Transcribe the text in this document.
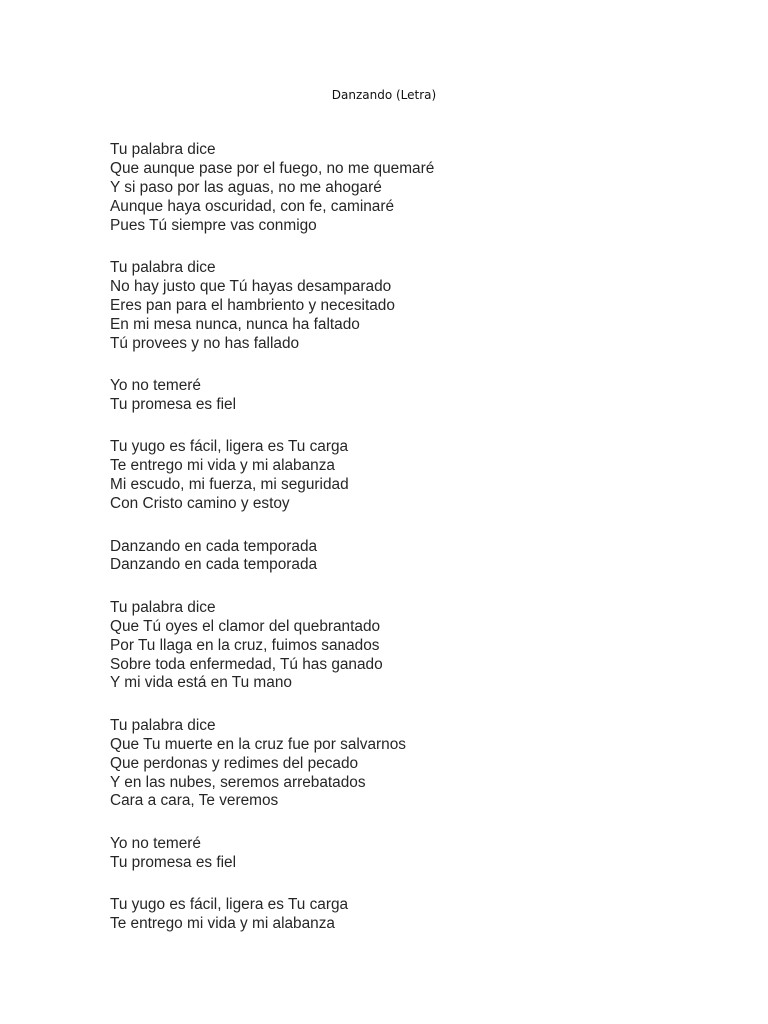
Danzando (Letra)
Tu palabra dice
Que aunque pase por el fuego, no me quemaré
Y si paso por las aguas, no me ahogaré
Aunque haya oscuridad, con fe, caminaré
Pues Tú siempre vas conmigo
Tu palabra dice
No hay justo que Tú hayas desamparado
Eres pan para el hambriento y necesitado
En mi mesa nunca, nunca ha faltado
Tú provees y no has fallado
Yo no temeré
Tu promesa es fiel
Tu yugo es fácil, ligera es Tu carga
Te entrego mi vida y mi alabanza
Mi escudo, mi fuerza, mi seguridad
Con Cristo camino y estoy
Danzando en cada temporada
Danzando en cada temporada
Tu palabra dice
Que Tú oyes el clamor del quebrantado
Por Tu llaga en la cruz, fuimos sanados
Sobre toda enfermedad, Tú has ganado
Y mi vida está en Tu mano
Tu palabra dice
Que Tu muerte en la cruz fue por salvarnos
Que perdonas y redimes del pecado
Y en las nubes, seremos arrebatados
Cara a cara, Te veremos
Yo no temeré
Tu promesa es fiel
Tu yugo es fácil, ligera es Tu carga
Te entrego mi vida y mi alabanza
